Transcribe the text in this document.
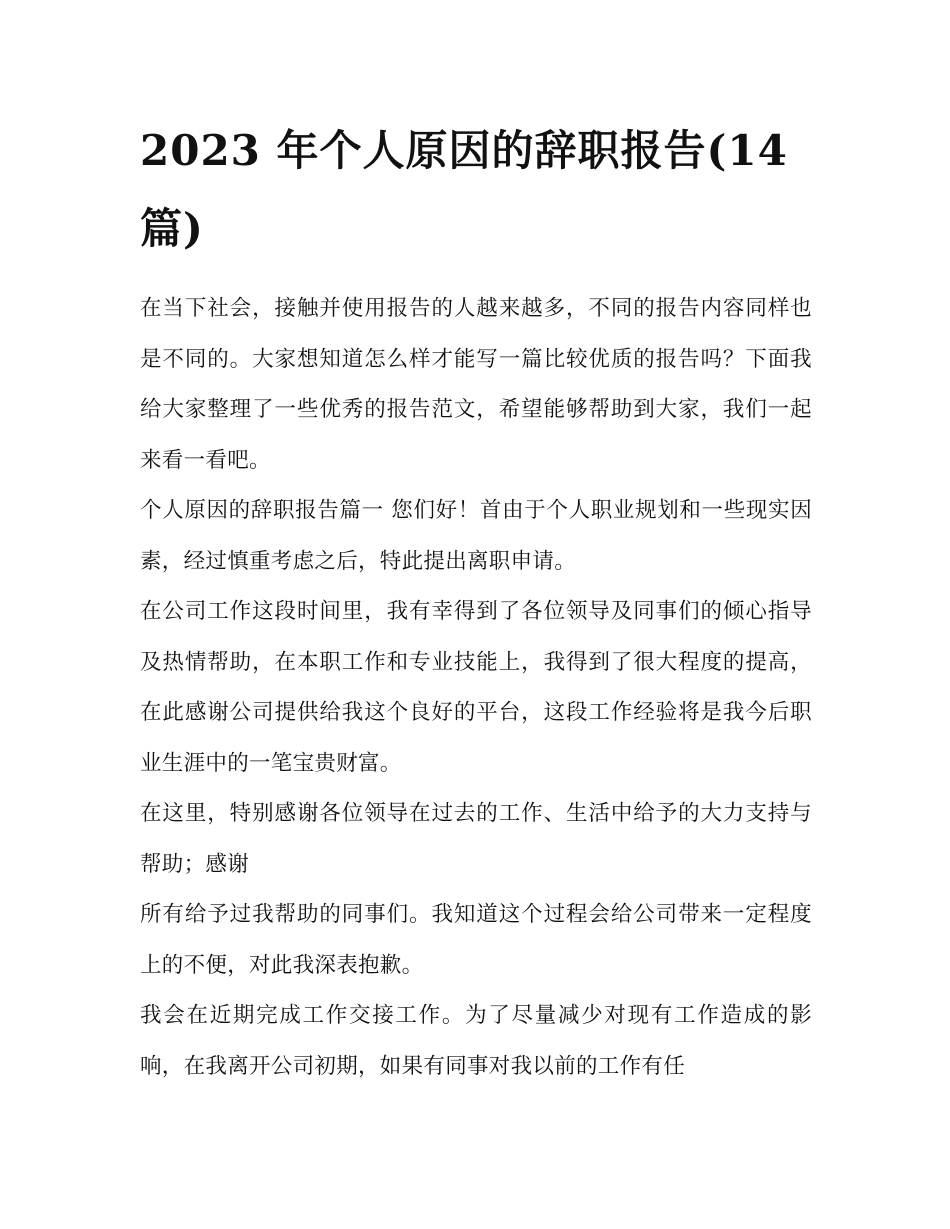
2023 年个人原因的辞职报告(14 篇)

在当下社会，接触并使用报告的人越来越多，不同的报告内容同样也是不同的。大家想知道怎么样才能写一篇比较优质的报告吗？下面我给大家整理了一些优秀的报告范文，希望能够帮助到大家，我们一起来看一看吧。

个人原因的辞职报告篇一 您们好！首由于个人职业规划和一些现实因素，经过慎重考虑之后，特此提出离职申请。

在公司工作这段时间里，我有幸得到了各位领导及同事们的倾心指导及热情帮助，在本职工作和专业技能上，我得到了很大程度的提高，在此感谢公司提供给我这个良好的平台，这段工作经验将是我今后职业生涯中的一笔宝贵财富。

在这里，特别感谢各位领导在过去的工作、生活中给予的大力支持与帮助；感谢

所有给予过我帮助的同事们。我知道这个过程会给公司带来一定程度上的不便，对此我深表抱歉。

我会在近期完成工作交接工作。为了尽量减少对现有工作造成的影响，在我离开公司初期，如果有同事对我以前的工作有任
